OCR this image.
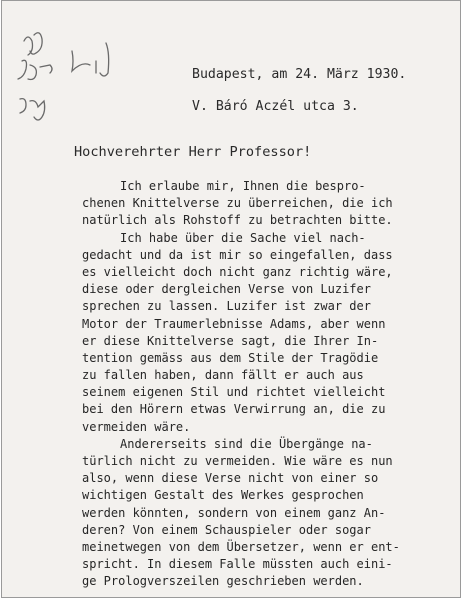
Budapest, am 24. März 1930.
V. Báró Aczél utca 3.
Hochverehrter Herr Professor!
Ich erlaube mir, Ihnen die bespro-
chenen Knittelverse zu überreichen, die ich
natürlich als Rohstoff zu betrachten bitte.
Ich habe über die Sache viel nach-
gedacht und da ist mir so eingefallen, dass
es vielleicht doch nicht ganz richtig wäre,
diese oder dergleichen Verse von Luzifer
sprechen zu lassen. Luzifer ist zwar der
Motor der Traumerlebnisse Adams, aber wenn
er diese Knittelverse sagt, die Ihrer In-
tention gemäss aus dem Stile der Tragödie
zu fallen haben, dann fällt er auch aus
seinem eigenen Stil und richtet vielleicht
bei den Hörern etwas Verwirrung an, die zu
vermeiden wäre.
Andererseits sind die Übergänge na-
türlich nicht zu vermeiden. Wie wäre es nun
also, wenn diese Verse nicht von einer so
wichtigen Gestalt des Werkes gesprochen
werden könnten, sondern von einem ganz An-
deren? Von einem Schauspieler oder sogar
meinetwegen von dem Übersetzer, wenn er ent-
spricht. In diesem Falle müssten auch eini-
ge Prologverszeilen geschrieben werden.
